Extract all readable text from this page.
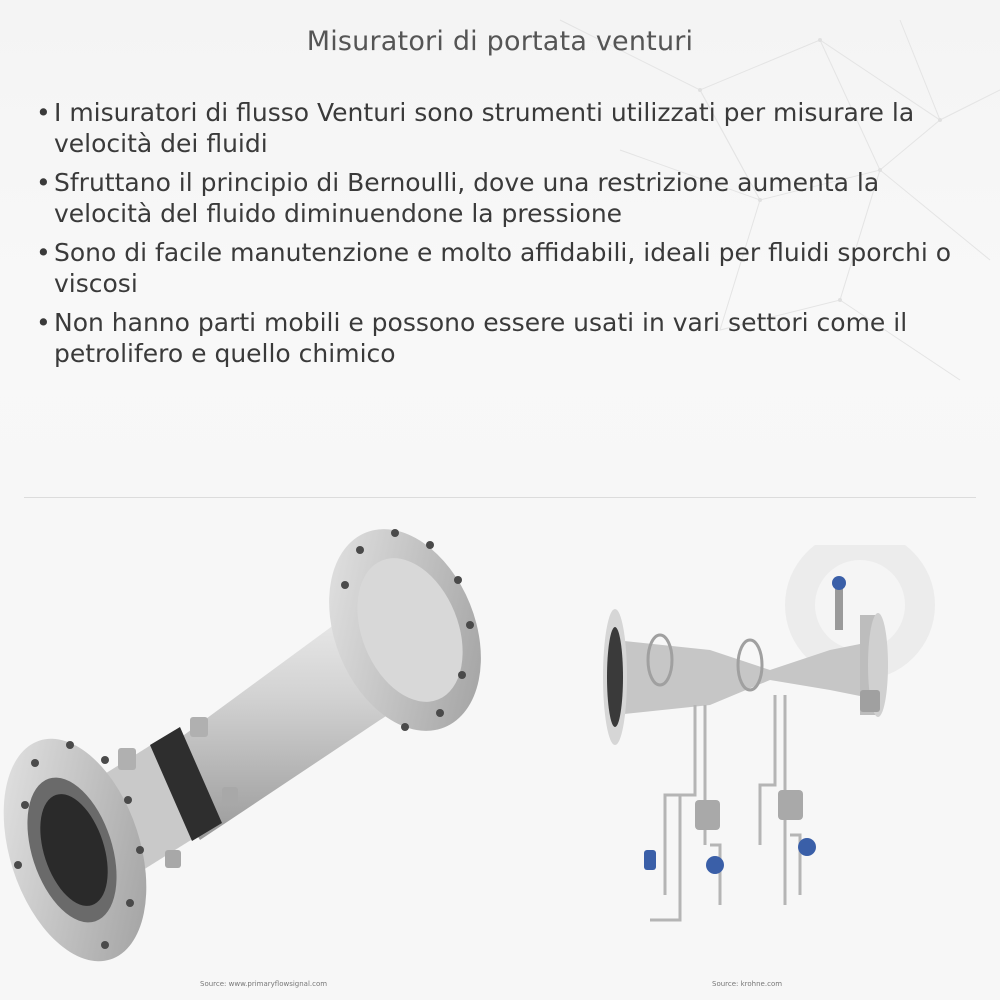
Misuratori di portata venturi
• I misuratori di flusso Venturi sono strumenti utilizzati per misurare la velocità dei fluidi
• Sfruttano il principio di Bernoulli, dove una restrizione aumenta la velocità del fluido diminuendone la pressione
• Sono di facile manutenzione e molto affidabili, ideali per fluidi sporchi o viscosi
• Non hanno parti mobili e possono essere usati in vari settori come il petrolifero e quello chimico
Source: www.primaryflowsignal.com	Source: krohne.com
